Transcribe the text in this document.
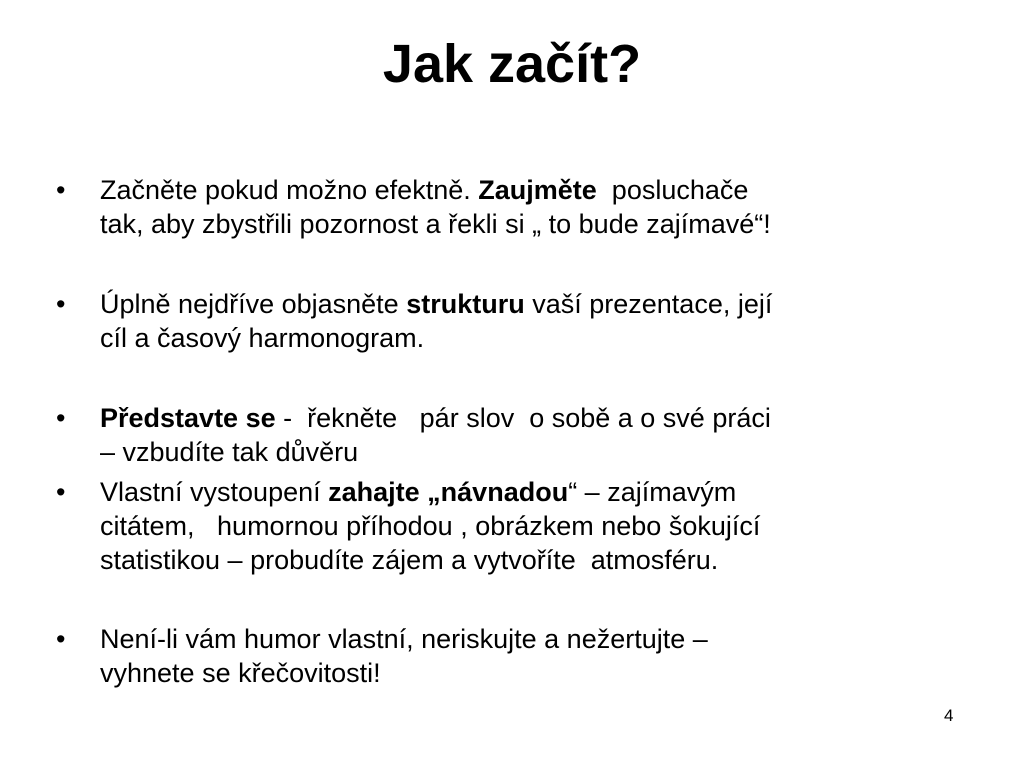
Jak začít?
•	Začněte pokud možno efektně. Zaujměte  posluchače
tak, aby zbystřili pozornost a řekli si „ to bude zajímavé“!
•	Úplně nejdříve objasněte strukturu vaší prezentace, její
cíl a časový harmonogram.
•	Představte se -  řekněte   pár slov  o sobě a o své práci
– vzbudíte tak důvěru
•	Vlastní vystoupení zahajte „návnadou“ – zajímavým
citátem,   humornou příhodou , obrázkem nebo šokující
statistikou – probudíte zájem a vytvoříte  atmosféru.
•	Není-li vám humor vlastní, neriskujte a nežertujte –
vyhnete se křečovitosti!
4
